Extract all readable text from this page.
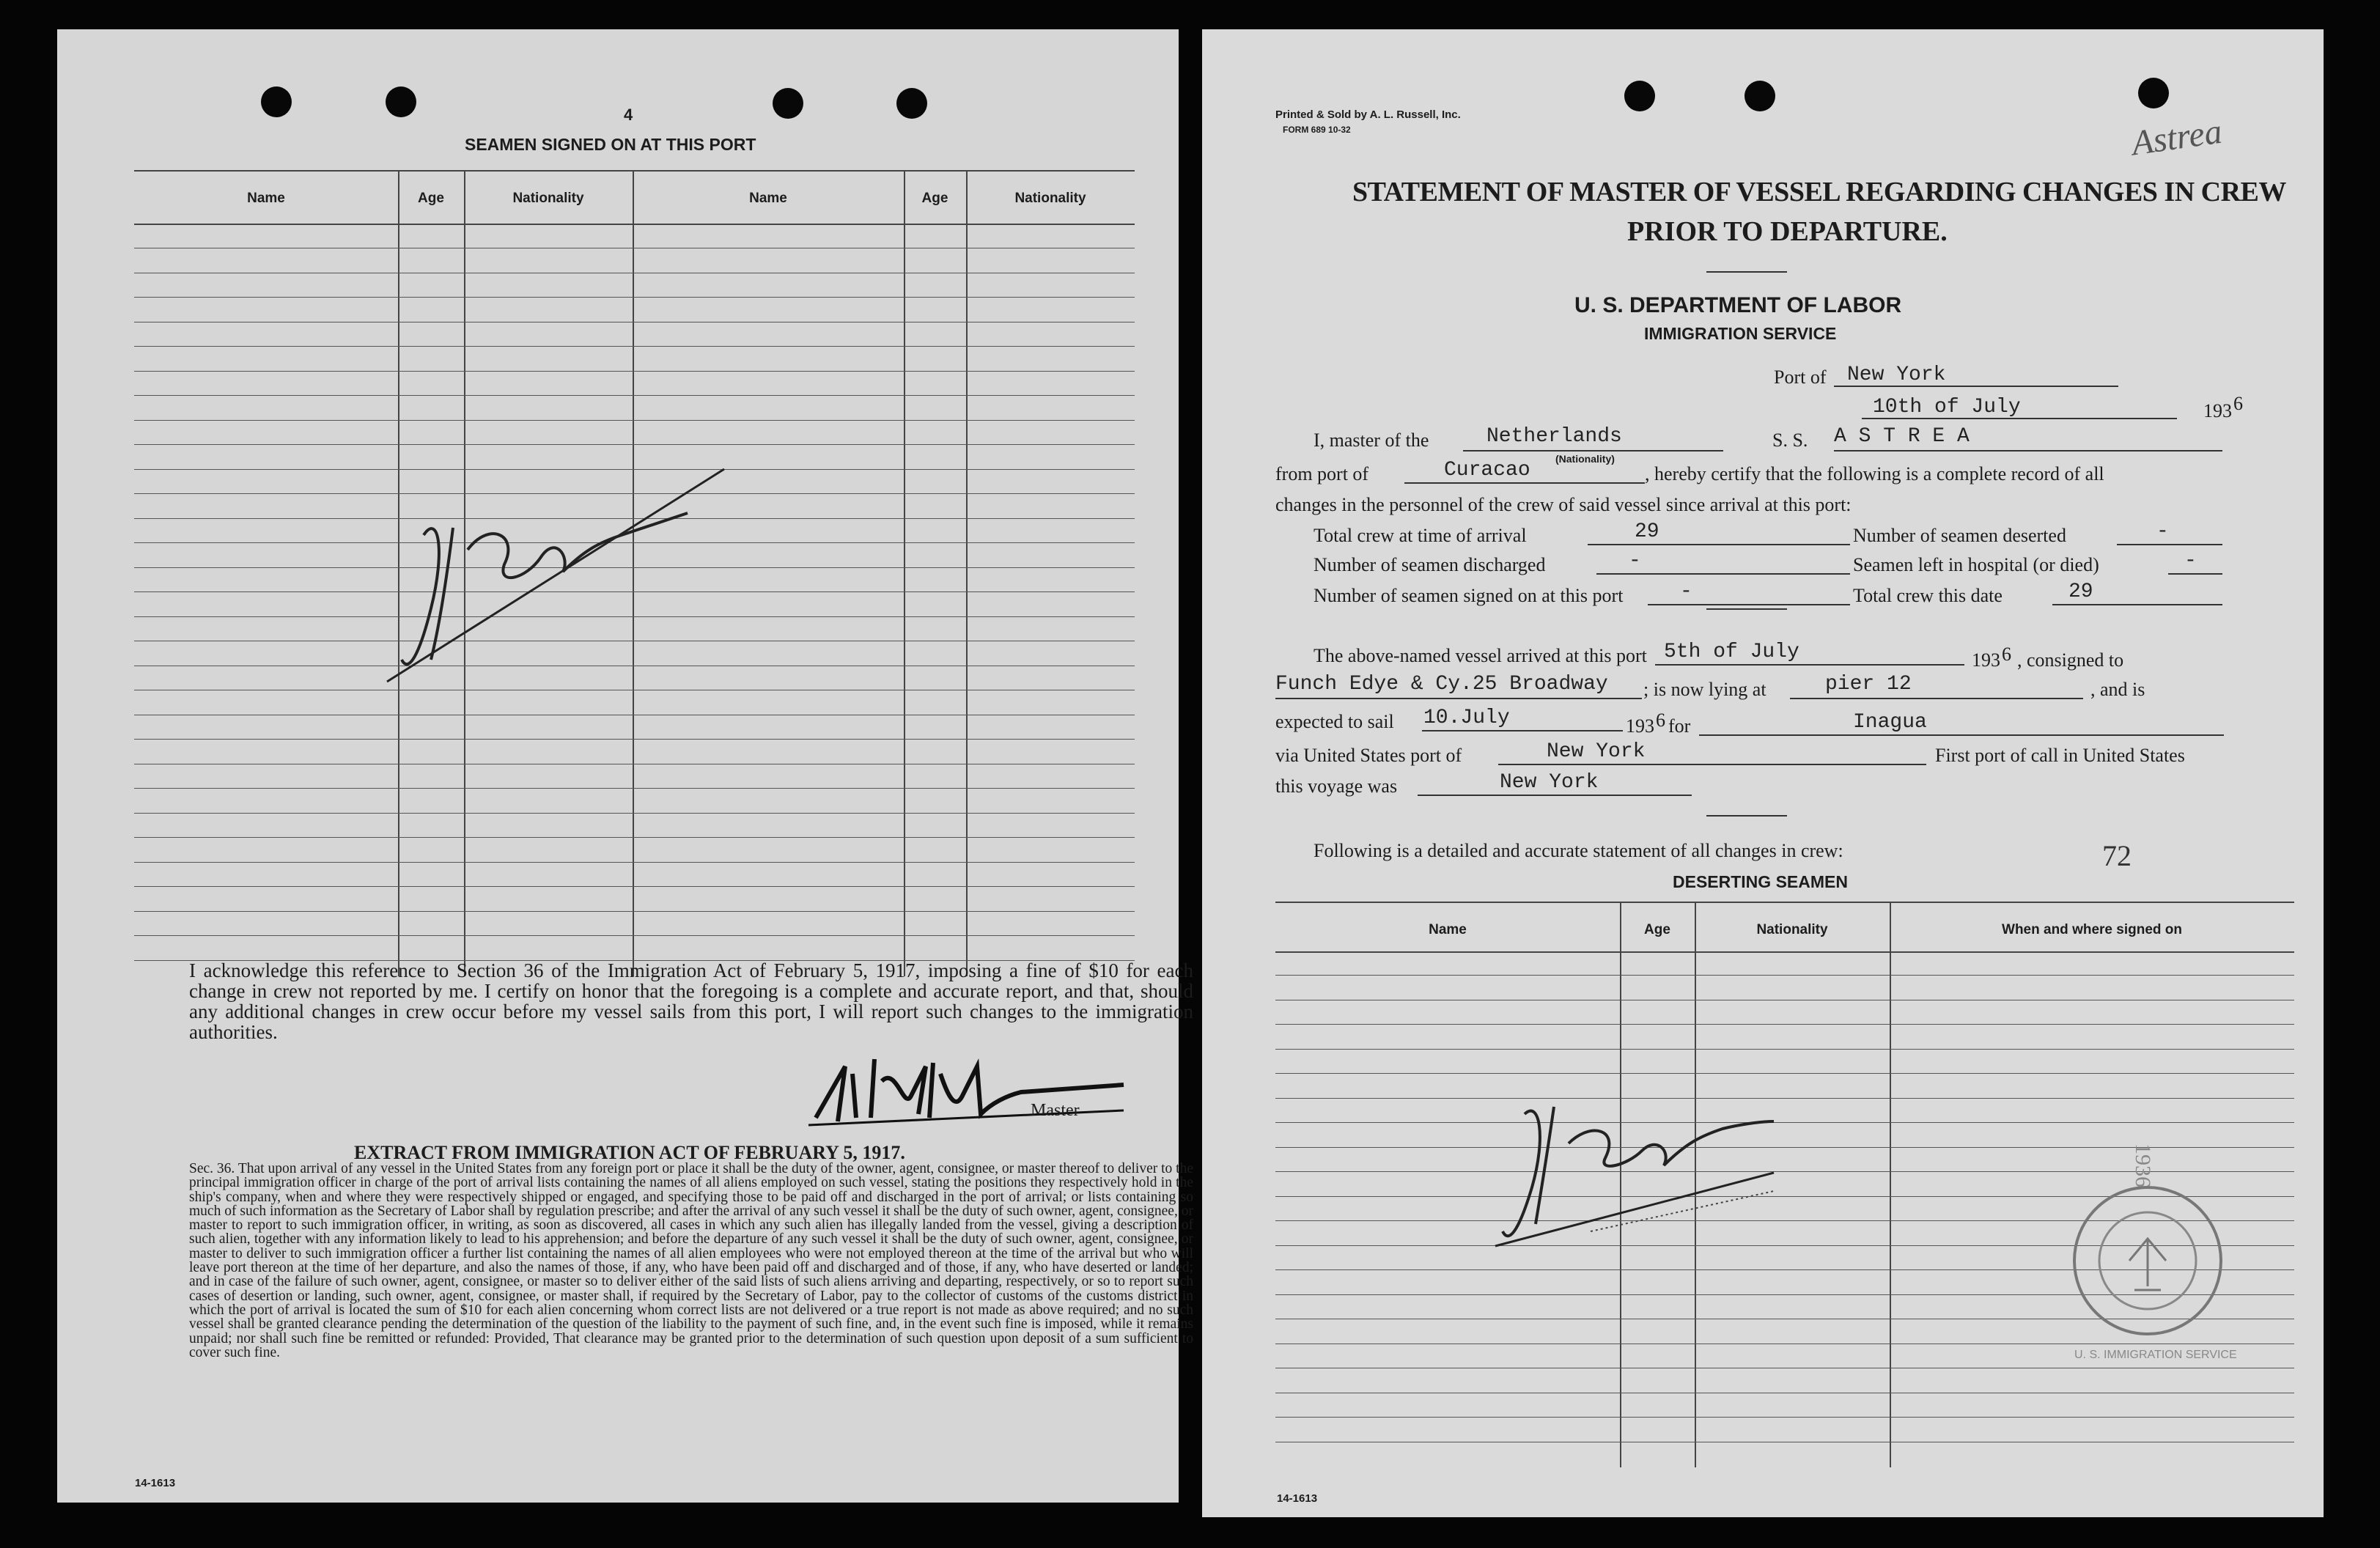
4
SEAMEN SIGNED ON AT THIS PORT
Name	Age	Nationality	Name	Age	Nationality
I acknowledge this reference to Section 36 of the Immigration Act of February 5, 1917, imposing a fine of $10 for each change in crew not reported by me. I certify on honor that the foregoing is a complete and accurate report, and that, should any additional changes in crew occur before my vessel sails from this port, I will report such changes to the immigration authorities.
Master
EXTRACT FROM IMMIGRATION ACT OF FEBRUARY 5, 1917.
Sec. 36. That upon arrival of any vessel in the United States from any foreign port or place it shall be the duty of the owner, agent, consignee, or master thereof to deliver to the principal immigration officer in charge of the port of arrival lists containing the names of all aliens employed on such vessel, stating the positions they respectively hold in the ship's company, when and where they were respectively shipped or engaged, and specifying those to be paid off and discharged in the port of arrival; or lists containing so much of such information as the Secretary of Labor shall by regulation prescribe; and after the arrival of any such vessel it shall be the duty of such owner, agent, consignee, or master to report to such immigration officer, in writing, as soon as discovered, all cases in which any such alien has illegally landed from the vessel, giving a description of such alien, together with any information likely to lead to his apprehension; and before the departure of any such vessel it shall be the duty of such owner, agent, consignee, or master to deliver to such immigration officer a further list containing the names of all alien employees who were not employed thereon at the time of the arrival but who will leave port thereon at the time of her departure, and also the names of those, if any, who have been paid off and discharged and of those, if any, who have deserted or landed; and in case of the failure of such owner, agent, consignee, or master so to deliver either of the said lists of such aliens arriving and departing, respectively, or so to report such cases of desertion or landing, such owner, agent, consignee, or master shall, if required by the Secretary of Labor, pay to the collector of customs of the customs district in which the port of arrival is located the sum of $10 for each alien concerning whom correct lists are not delivered or a true report is not made as above required; and no such vessel shall be granted clearance pending the determination of the question of the liability to the payment of such fine, and, in the event such fine is imposed, while it remains unpaid; nor shall such fine be remitted or refunded: Provided, That clearance may be granted prior to the determination of such question upon deposit of a sum sufficient to cover such fine.
14-1613
Printed & Sold by A. L. Russell, Inc.
FORM 689 10-32	Astrea
STATEMENT OF MASTER OF VESSEL REGARDING CHANGES IN CREW
PRIOR TO DEPARTURE.
U. S. DEPARTMENT OF LABOR
IMMIGRATION SERVICE
Port of New York
10th of July	193 6
I, master of the	Netherlands
(Nationality)
S. S. A S T R E A
from port of	Curacao	, hereby certify that the following is a complete record of all
changes in the personnel of the crew of said vessel since arrival at this port:
Total crew at time of arrival	29	Number of seamen deserted	-
Number of seamen discharged	-	Seamen left in hospital (or died)	-
Number of seamen signed on at this port	-	Total crew this date	29
The above-named vessel arrived at this port 5th of July	193 6 , consigned to
Funch Edye & Cy.25 Broadway ; is now lying at	pier 12	, and is
expected to sail 10.July	193 6 for	Inagua
via United States port of	New York	First port of call in United States
this voyage was	New York
Following is a detailed and accurate statement of all changes in crew:	72
DESERTING SEAMEN
Name	Age	Nationality	When and where signed on
1936
U. S. IMMIGRATION SERVICE
14-1613
